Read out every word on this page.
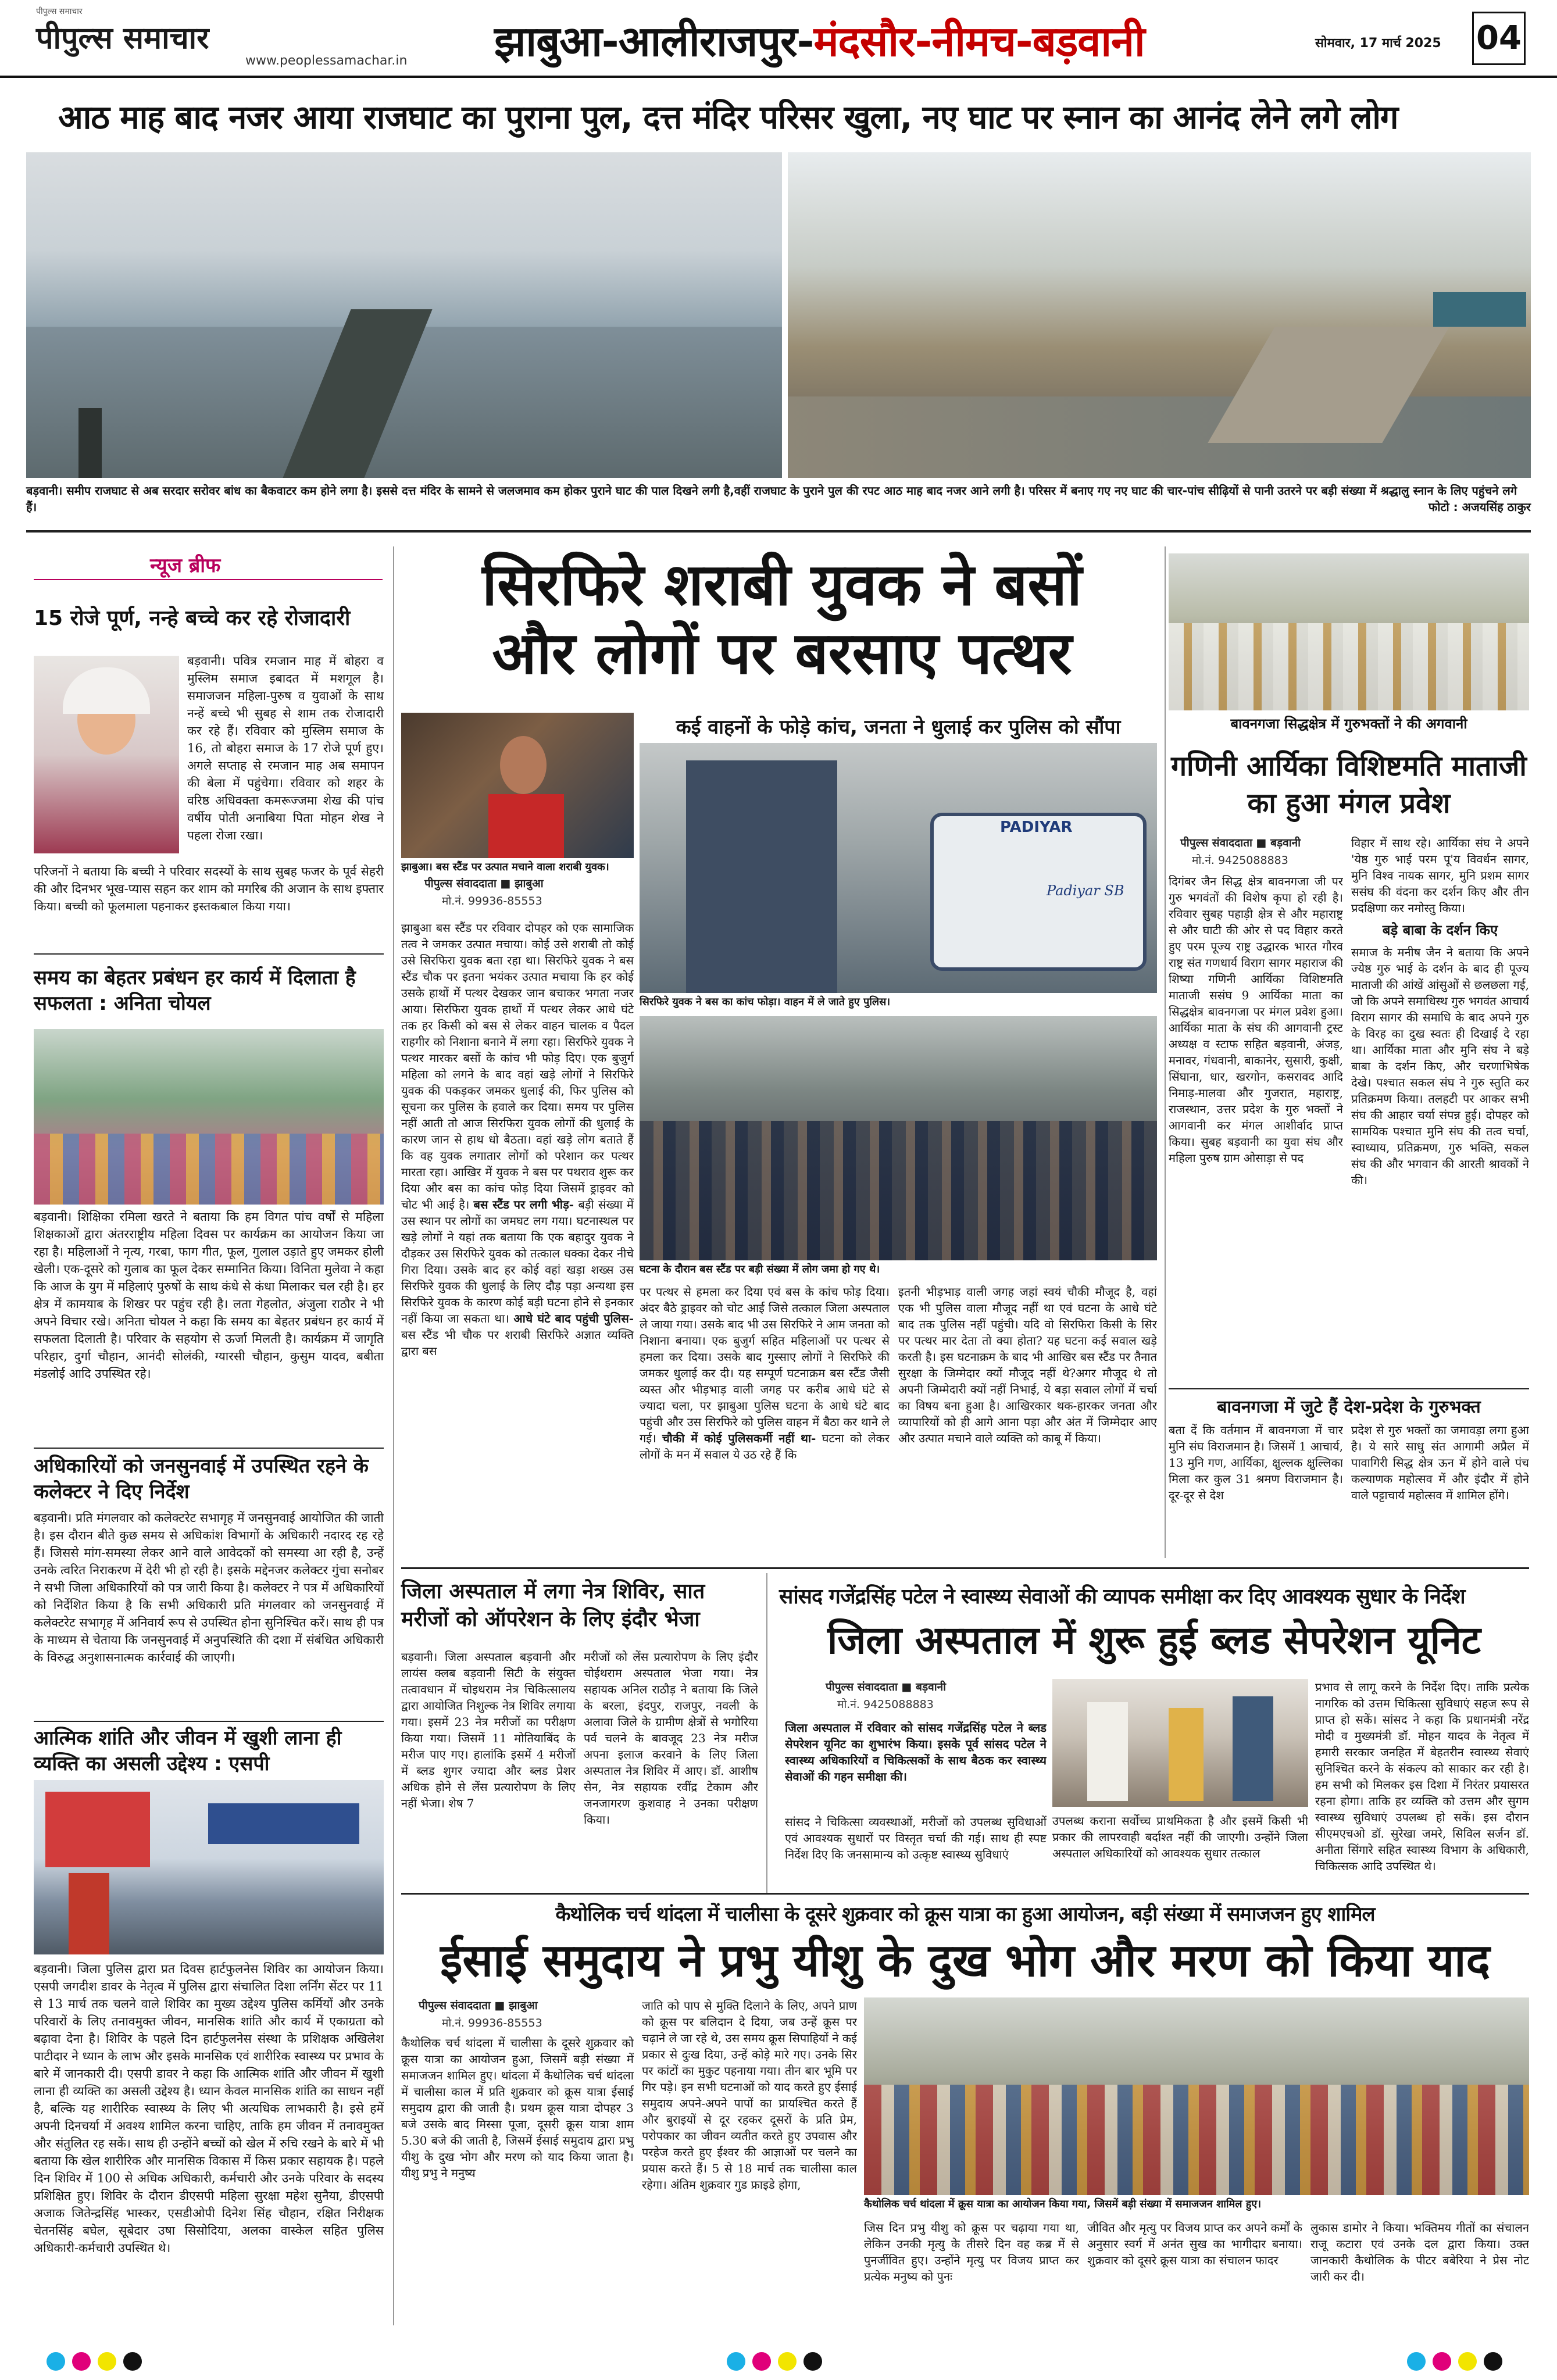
पीपुल्स समाचार
पीपुल्स समाचार
www.peoplessamachar.in झाबुआ-आलीराजपुर-मंदसौर-नीमच-बड़वानी	सोमवार, 17 मार्च 2025 04
आठ माह बाद नजर आया राजघाट का पुराना पुल, दत्त मंदिर परिसर खुला, नए घाट पर स्नान का आनंद लेने लगे लोग
बड़वानी। समीप राजघाट से अब सरदार सरोवर बांध का बैकवाटर कम होने लगा है। इससे दत्त मंदिर के सामने से जलजमाव कम होकर पुराने घाट की पाल दिखने लगी है,वहीं राजघाट के पुराने पुल की रपट आठ माह बाद नजर आने लगी है। परिसर में बनाए गए नए घाट की चार-पांच सीढ़ियों से पानी उतरने पर बड़ी संख्या में श्रद्धालु स्नान के लिए पहुंचने लगे हैं।	फोटो : अजयसिंह ठाकुर
न्यूज ब्रीफ
15 रोजे पूर्ण, नन्हे बच्चे कर रहे रोजादारी
बड़वानी। पवित्र रमजान माह में बोहरा व मुस्लिम समाज इबादत में मशगूल है। समाजजन महिला-पुरुष व युवाओं के साथ नन्हें बच्चे भी सुबह से शाम तक रोजादारी कर रहे हैं। रविवार को मुस्लिम समाज के 16, तो बोहरा समाज के 17 रोजे पूर्ण हुए। अगले सप्ताह से रमजान माह अब समापन की बेला में पहुंचेगा। रविवार को शहर के वरिष्ठ अधिवक्ता कमरूज्जमा शेख की पांच वर्षीय पोती अनाबिया पिता मोहन शेख ने पहला रोजा रखा।
परिजनों ने बताया कि बच्ची ने परिवार सदस्यों के साथ सुबह फजर के पूर्व सेहरी की और दिनभर भूख-प्यास सहन कर शाम को मगरिब की अजान के साथ इफ्तार किया। बच्ची को फूलमाला पहनाकर इस्तकबाल किया गया।
समय का बेहतर प्रबंधन हर कार्य में दिलाता है सफलता : अनिता चोयल
बड़वानी। शिक्षिका रमिला खरते ने बताया कि हम विगत पांच वर्षों से महिला शिक्षकाओं द्वारा अंतरराष्ट्रीय महिला दिवस पर कार्यक्रम का आयोजन किया जा रहा है। महिलाओं ने नृत्य, गरबा, फाग गीत, फूल, गुलाल उड़ाते हुए जमकर होली खेली। एक-दूसरे को गुलाब का फूल देकर सम्मानित किया। विनिता मुलेवा ने कहा कि आज के युग में महिलाएं पुरुषों के साथ कंधे से कंधा मिलाकर चल रही है। हर क्षेत्र में कामयाब के शिखर पर पहुंच रही है। लता गेहलोत, अंजुला राठौर ने भी अपने विचार रखे। अनिता चोयल ने कहा कि समय का बेहतर प्रबंधन हर कार्य में सफलता दिलाती है। परिवार के सहयोग से ऊर्जा मिलती है। कार्यक्रम में जागृति परिहार, दुर्गा चौहान, आनंदी सोलंकी, ग्यारसी चौहान, कुसुम यादव, बबीता मंडलोई आदि उपस्थित रहे।
अधिकारियों को जनसुनवाई में उपस्थित रहने के कलेक्टर ने दिए निर्देश
बड़वानी। प्रति मंगलवार को कलेक्टरेट सभागृह में जनसुनवाई आयोजित की जाती है। इस दौरान बीते कुछ समय से अधिकांश विभागों के अधिकारी नदारद रह रहे हैं। जिससे मांग-समस्या लेकर आने वाले आवेदकों को समस्या आ रही है, उन्हें उनके त्वरित निराकरण में देरी भी हो रही है। इसके मद्देनजर कलेक्टर गुंचा सनोबर ने सभी जिला अधिकारियों को पत्र जारी किया है। कलेक्टर ने पत्र में अधिकारियों को निर्देशित किया है कि सभी अधिकारी प्रति मंगलवार को जनसुनवाई में कलेक्टरेट सभागृह में अनिवार्य रूप से उपस्थित होना सुनिश्चित करें। साथ ही पत्र के माध्यम से चेताया कि जनसुनवाई में अनुपस्थिति की दशा में संबंधित अधिकारी के विरुद्ध अनुशासनात्मक कार्रवाई की जाएगी।
आत्मिक शांति और जीवन में खुशी लाना ही व्यक्ति का असली उद्देश्य : एसपी
बड़वानी। जिला पुलिस द्वारा प्रत दिवस हार्टफुलनेस शिविर का आयोजन किया। एसपी जगदीश डावर के नेतृत्व में पुलिस द्वारा संचालित दिशा लर्निंग सेंटर पर 11 से 13 मार्च तक चलने वाले शिविर का मुख्य उद्देश्य पुलिस कर्मियों और उनके परिवारों के लिए तनावमुक्त जीवन, मानसिक शांति और कार्य में एकाग्रता को बढ़ावा देना है। शिविर के पहले दिन हार्टफुलनेस संस्था के प्रशिक्षक अखिलेश पाटीदार ने ध्यान के लाभ और इसके मानसिक एवं शारीरिक स्वास्थ्य पर प्रभाव के बारे में जानकारी दी। एसपी डावर ने कहा कि आत्मिक शांति और जीवन में खुशी लाना ही व्यक्ति का असली उद्देश्य है। ध्यान केवल मानसिक शांति का साधन नहीं है, बल्कि यह शारीरिक स्वास्थ्य के लिए भी अत्यधिक लाभकारी है। इसे हमें अपनी दिनचर्या में अवश्य शामिल करना चाहिए, ताकि हम जीवन में तनावमुक्त और संतुलित रह सकें। साथ ही उन्होंने बच्चों को खेल में रुचि रखने के बारे में भी बताया कि खेल शारीरिक और मानसिक विकास में किस प्रकार सहायक है। पहले दिन शिविर में 100 से अधिक अधिकारी, कर्मचारी और उनके परिवार के सदस्य प्रशिक्षित हुए। शिविर के दौरान डीएसपी महिला सुरक्षा महेश सुनैया, डीएसपी अजाक जितेन्द्रसिंह भास्कर, एसडीओपी दिनेश सिंह चौहान, रक्षित निरीक्षक चेतनसिंह बघेल, सूबेदार उषा सिसोदिया, अलका वास्केल सहित पुलिस अधिकारी-कर्मचारी उपस्थित थे।
सिरफिरे शराबी युवक ने बसों
और लोगों पर बरसाए पत्थर
कई वाहनों के फोड़े कांच, जनता ने धुलाई कर पुलिस को सौंपा
झाबुआ। बस स्टैंड पर उत्पात मचाने वाला शराबी युवक।
PADIYAR
Padiyar SB
सिरफिरे युवक ने बस का कांच फोड़ा। वाहन में ले जाते हुए पुलिस।
पीपुल्स संवाददाता ■ झाबुआ
मो.नं. 99936-85553
झाबुआ बस स्टैंड पर रविवार दोपहर को एक सामाजिक तत्व ने जमकर उत्पात मचाया। कोई उसे शराबी तो कोई उसे सिरफिरा युवक बता रहा था। सिरफिरे युवक ने बस स्टैंड चौक पर इतना भयंकर उत्पात मचाया कि हर कोई उसके हाथों में पत्थर देखकर जान बचाकर भगता नजर आया। सिरफिरा युवक हाथों में पत्थर लेकर आधे घंटे तक हर किसी को बस से लेकर वाहन चालक व पैदल राहगीर को निशाना बनाने में लगा रहा। सिरफिरे युवक ने पत्थर मारकर बसों के कांच भी फोड़ दिए। एक बुजुर्ग महिला को लगने के बाद वहां खड़े लोगों ने सिरफिरे युवक की पकड़कर जमकर धुलाई की, फिर पुलिस को सूचना कर पुलिस के हवाले कर दिया। समय पर पुलिस नहीं आती तो आज सिरफिरा युवक लोगों की धुलाई के कारण जान से हाथ धो बैठता। वहां खड़े लोग बताते हैं कि वह युवक लगातार लोगों को परेशान कर पत्थर मारता रहा। आखिर में युवक ने बस पर पथराव शुरू कर दिया और बस का कांच फोड़ दिया जिसमें ड्राइवर को चोट भी आई है। बस स्टैंड पर लगी भीड़- बड़ी संख्या में उस स्थान पर लोगों का जमघट लग गया। घटनास्थल पर खड़े लोगों ने यहां तक बताया कि एक बहादुर युवक ने दौड़कर उस सिरफिरे युवक को तत्काल धक्का देकर नीचे गिरा दिया। उसके बाद हर कोई वहां खड़ा शख्स उस सिरफिरे युवक की धुलाई के लिए दौड़ पड़ा अन्यथा इस सिरफिरे युवक के कारण कोई बड़ी घटना होने से इनकार नहीं किया जा सकता था। आधे घंटे बाद पहुंची पुलिस- बस स्टैंड भी चौक पर शराबी सिरफिरे अज्ञात व्यक्ति द्वारा बस
घटना के दौरान बस स्टैंड पर बड़ी संख्या में लोग जमा हो गए थे।
पर पत्थर से हमला कर दिया एवं बस के कांच फोड़ दिया। अंदर बैठे ड्राइवर को चोट आई जिसे तत्काल जिला अस्पताल ले जाया गया। उसके बाद भी उस सिरफिरे ने आम जनता को निशाना बनाया। एक बुजुर्ग सहित महिलाओं पर पत्थर से हमला कर दिया। उसके बाद गुस्साए लोगों ने सिरफिरे की जमकर धुलाई कर दी। यह सम्पूर्ण घटनाक्रम बस स्टैंड जैसी व्यस्त और भीड़भाड़ वाली जगह पर करीब आधे घंटे से ज्यादा चला, पर झाबुआ पुलिस घटना के आधे घंटे बाद पहुंची और उस सिरफिरे को पुलिस वाहन में बैठा कर थाने ले गई। चौकी में कोई पुलिसकर्मी नहीं था- घटना को लेकर लोगों के मन में सवाल ये उठ रहे हैं कि
इतनी भीड़भाड़ वाली जगह जहां स्वयं चौकी मौजूद है, वहां एक भी पुलिस वाला मौजूद नहीं था एवं घटना के आधे घंटे बाद तक पुलिस नहीं पहुंची। यदि वो सिरफिरा किसी के सिर पर पत्थर मार देता तो क्या होता? यह घटना कई सवाल खड़े करती है। इस घटनाक्रम के बाद भी आखिर बस स्टैंड पर तैनात सुरक्षा के जिम्मेदार क्यों मौजूद नहीं थे?अगर मौजूद थे तो अपनी जिम्मेदारी क्यों नहीं निभाई, ये बड़ा सवाल लोगों में चर्चा का विषय बना हुआ है। आखिरकार थक-हारकर जनता और व्यापारियों को ही आगे आना पड़ा और अंत में जिम्मेदार आए और उत्पात मचाने वाले व्यक्ति को काबू में किया।
बावनगजा सिद्धक्षेत्र में गुरुभक्तों ने की अगवानी
गणिनी आर्यिका विशिष्टमति माताजी का हुआ मंगल प्रवेश
पीपुल्स संवाददाता ■ बड़वानी
मो.नं. 9425088883
दिगंबर जैन सिद्ध क्षेत्र बावनगजा जी पर गुरु भगवंतों की विशेष कृपा हो रही है। रविवार सुबह पहाड़ी क्षेत्र से और महाराष्ट्र से और घाटी की ओर से पद विहार करते हुए परम पूज्य राष्ट्र उद्धारक भारत गौरव राष्ट्र संत गणधार्य विराग सागर महाराज की शिष्या गणिनी आर्यिका विशिष्टमति माताजी ससंघ 9 आर्यिका माता का सिद्धक्षेत्र बावनगजा पर मंगल प्रवेश हुआ। आर्यिका माता के संघ की आगवानी ट्रस्ट अध्यक्ष व स्टाफ सहित बड़वानी, अंजड़, मनावर, गंधवानी, बाकानेर, सुसारी, कुक्षी, सिंघाना, धार, खरगोन, कसरावद आदि निमाड़-मालवा और गुजरात, महाराष्ट्र, राजस्थान, उत्तर प्रदेश के गुरु भक्तों ने आगवानी कर मंगल आशीर्वाद प्राप्त किया। सुबह बड़वानी का युवा संघ और महिला पुरुष ग्राम ओसाड़ा से पद
विहार में साथ रहे। आर्यिका संघ ने अपने 'येष्ठ गुरु भाई परम पू'य विवर्धन सागर, मुनि विश्व नायक सागर, मुनि प्रशम सागर ससंघ की वंदना कर दर्शन किए और तीन प्रदक्षिणा कर नमोस्तु किया।
बड़े बाबा के दर्शन किए
समाज के मनीष जैन ने बताया कि अपने ज्येष्ठ गुरु भाई के दर्शन के बाद ही पूज्य माताजी की आंखें आंसुओं से छलछला गई, जो कि अपने समाधिस्थ गुरु भगवंत आचार्य विराग सागर की समाधि के बाद अपने गुरु के विरह का दुख स्वतः ही दिखाई दे रहा था। आर्यिका माता और मुनि संघ ने बड़े बाबा के दर्शन किए, और चरणाभिषेक देखे। पश्चात सकल संघ ने गुरु स्तुति कर प्रतिक्रमण किया। तलहटी पर आकर सभी संघ की आहार चर्या संपन्न हुई। दोपहर को सामयिक पश्चात मुनि संघ की तत्व चर्चा, स्वाध्याय, प्रतिक्रमण, गुरु भक्ति, सकल संघ की और भगवान की आरती श्रावकों ने की।
बावनगजा में जुटे हैं देश-प्रदेश के गुरुभक्त
बता दें कि वर्तमान में बावनगजा में चार मुनि संघ विराजमान है। जिसमें 1 आचार्य, 13 मुनि गण, आर्यिका, क्षुल्लक क्षुल्लिका मिला कर कुल 31 श्रमण विराजमान है। दूर-दूर से देश
प्रदेश से गुरु भक्तों का जमावड़ा लगा हुआ है। ये सारे साधु संत आगामी अप्रैल में पावागिरी सिद्ध क्षेत्र ऊन में होने वाले पंच कल्याणक महोत्सव में और इंदौर में होने वाले पट्टाचार्य महोत्सव में शामिल होंगे।
जिला अस्पताल में लगा नेत्र शिविर, सात मरीजों को ऑपरेशन के लिए इंदौर भेजा
बड़वानी। जिला अस्पताल बड़वानी और लायंस क्लब बड़वानी सिटी के संयुक्त तत्वावधान में चोइथराम नेत्र चिकित्सालय द्वारा आयोजित निशुल्क नेत्र शिविर लगाया गया। इसमें 23 नेत्र मरीजों का परीक्षण किया गया। जिसमें 11 मोतियाबिंद के मरीज पाए गए। हालांकि इसमें 4 मरीजों में ब्लड शुगर ज्यादा और ब्लड प्रेशर अधिक होने से लेंस प्रत्यारोपण के लिए नहीं भेजा। शेष 7
मरीजों को लेंस प्रत्यारोपण के लिए इंदौर चोईथराम अस्पताल भेजा गया। नेत्र सहायक अनिल राठौड़ ने बताया कि जिले के बरला, इंदपुर, राजपुर, नवली के अलावा जिले के ग्रामीण क्षेत्रों से भगोरिया पर्व चलने के बावजूद 23 नेत्र मरीज अपना इलाज करवाने के लिए जिला अस्पताल नेत्र शिविर में आए। डॉ. आशीष सेन, नेत्र सहायक रवींद्र टेकाम और जनजागरण कुशवाह ने उनका परीक्षण किया।
सांसद गजेंद्रसिंह पटेल ने स्वास्थ्य सेवाओं की व्यापक समीक्षा कर दिए आवश्यक सुधार के निर्देश
जिला अस्पताल में शुरू हुई ब्लड सेपरेशन यूनिट
पीपुल्स संवाददाता ■ बड़वानी
मो.नं. 9425088883
जिला अस्पताल में रविवार को सांसद गजेंद्रसिंह पटेल ने ब्लड सेपरेशन यूनिट का शुभारंभ किया। इसके पूर्व सांसद पटेल ने स्वास्थ्य अधिकारियों व चिकित्सकों के साथ बैठक कर स्वास्थ्य सेवाओं की गहन समीक्षा की।
सांसद ने चिकित्सा व्यवस्थाओं, मरीजों को उपलब्ध सुविधाओं एवं आवश्यक सुधारों पर विस्तृत चर्चा की गई। साथ ही स्पष्ट निर्देश दिए कि जनसामान्य को उत्कृष्ट स्वास्थ्य सुविधाएं
उपलब्ध कराना सर्वोच्च प्राथमिकता है और इसमें किसी भी प्रकार की लापरवाही बर्दाश्त नहीं की जाएगी। उन्होंने जिला अस्पताल अधिकारियों को आवश्यक सुधार तत्काल
प्रभाव से लागू करने के निर्देश दिए। ताकि प्रत्येक नागरिक को उत्तम चिकित्सा सुविधाएं सहज रूप से प्राप्त हो सकें। सांसद ने कहा कि प्रधानमंत्री नरेंद्र मोदी व मुख्यमंत्री डॉ. मोहन यादव के नेतृत्व में हमारी सरकार जनहित में बेहतरीन स्वास्थ्य सेवाएं सुनिश्चित करने के संकल्प को साकार कर रही है। हम सभी को मिलकर इस दिशा में निरंतर प्रयासरत रहना होगा। ताकि हर व्यक्ति को उत्तम और सुगम स्वास्थ्य सुविधाएं उपलब्ध हो सकें। इस दौरान सीएमएचओ डॉ. सुरेखा जमरे, सिविल सर्जन डॉ. अनीता सिंगारे सहित स्वास्थ्य विभाग के अधिकारी, चिकित्सक आदि उपस्थित थे।
कैथोलिक चर्च थांदला में चालीसा के दूसरे शुक्रवार को क्रूस यात्रा का हुआ आयोजन, बड़ी संख्या में समाजजन हुए शामिल
ईसाई समुदाय ने प्रभु यीशु के दुख भोग और मरण को किया याद
पीपुल्स संवाददाता ■ झाबुआ
मो.नं. 99936-85553
कैथोलिक चर्च थांदला में चालीसा के दूसरे शुक्रवार को क्रूस यात्रा का आयोजन हुआ, जिसमें बड़ी संख्या में समाजजन शामिल हुए। थांदला में कैथोलिक चर्च थांदला में चालीसा काल में प्रति शुक्रवार को क्रूस यात्रा ईसाई समुदाय द्वारा की जाती है। प्रथम क्रूस यात्रा दोपहर 3 बजे उसके बाद मिस्सा पूजा, दूसरी क्रूस यात्रा शाम 5.30 बजे की जाती है, जिसमें ईसाई समुदाय द्वारा प्रभु यीशु के दुख भोग और मरण को याद किया जाता है। यीशु प्रभु ने मनुष्य
जाति को पाप से मुक्ति दिलाने के लिए, अपने प्राण को क्रूस पर बलिदान दे दिया, जब उन्हें क्रूस पर चढ़ाने ले जा रहे थे, उस समय क्रूस सिपाहियों ने कई प्रकार से दुःख दिया, उन्हें कोड़े मारे गए। उनके सिर पर कांटों का मुकुट पहनाया गया। तीन बार भूमि पर गिर पड़े। इन सभी घटनाओं को याद करते हुए ईसाई समुदाय अपने-अपने पापों का प्रायश्चित करते हैं और बुराइयों से दूर रहकर दूसरों के प्रति प्रेम, परोपकार का जीवन व्यतीत करते हुए उपवास और परहेज करते हुए ईश्वर की आज्ञाओं पर चलने का प्रयास करते हैं। 5 से 18 मार्च तक चालीसा काल रहेगा। अंतिम शुक्रवार गुड फ्राइडे होगा,
कैथोलिक चर्च थांदला में क्रूस यात्रा का आयोजन किया गया, जिसमें बड़ी संख्या में समाजजन शामिल हुए।
जिस दिन प्रभु यीशु को क्रूस पर चढ़ाया गया था, लेकिन उनकी मृत्यु के तीसरे दिन वह कब्र में से पुनर्जीवित हुए। उन्होंने मृत्यु पर विजय प्राप्त कर प्रत्येक मनुष्य को पुनः
जीवित और मृत्यु पर विजय प्राप्त कर अपने कर्मों के अनुसार स्वर्ग में अनंत सुख का भागीदार बनाया। शुक्रवार को दूसरे क्रूस यात्रा का संचालन फादर
लुकास डामोर ने किया। भक्तिमय गीतों का संचालन राजू कटारा एवं उनके दल द्वारा किया। उक्त जानकारी कैथोलिक के पीटर बबेरिया ने प्रेस नोट जारी कर दी।
